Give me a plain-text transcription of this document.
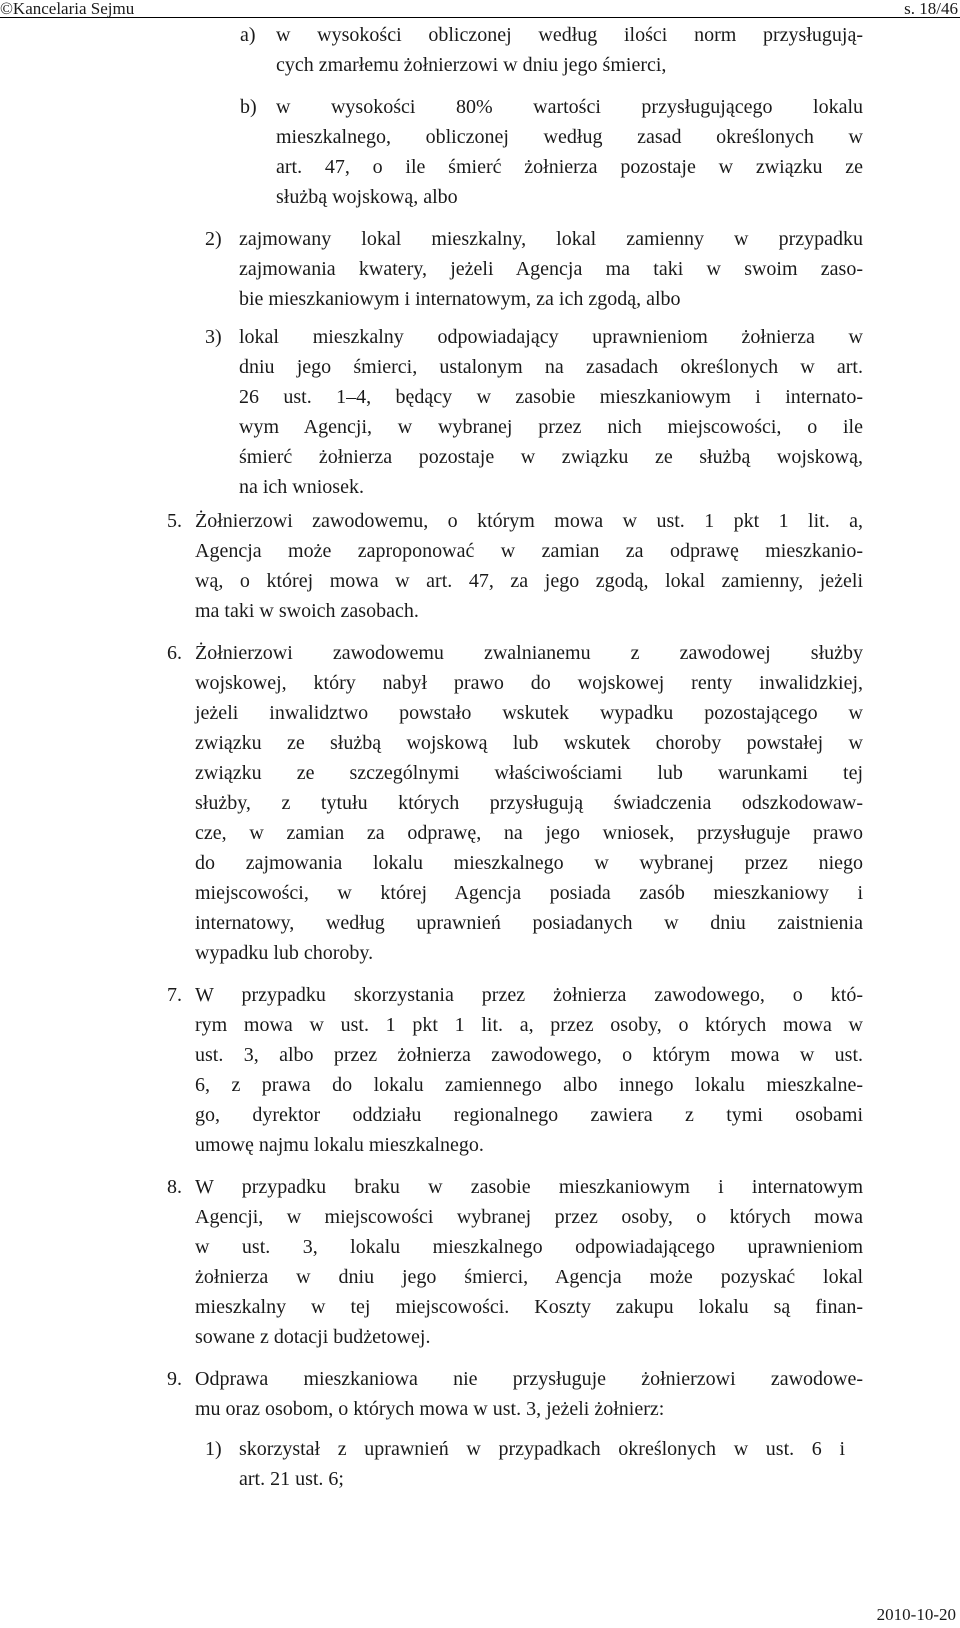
©Kancelaria Sejmu	s. 18/46
a) w wysokości obliczonej według ilości norm przysługują-
cych zmarłemu żołnierzowi w dniu jego śmierci,
b) w wysokości 80% wartości przysługującego lokalu
mieszkalnego, obliczonej według zasad określonych w
art. 47, o ile śmierć żołnierza pozostaje w związku ze
służbą wojskową, albo
2) zajmowany lokal mieszkalny, lokal zamienny w przypadku
zajmowania kwatery, jeżeli Agencja ma taki w swoim zaso-
bie mieszkaniowym i internatowym, za ich zgodą, albo
3) lokal mieszkalny odpowiadający uprawnieniom żołnierza w
dniu jego śmierci, ustalonym na zasadach określonych w art.
26 ust. 1–4, będący w zasobie mieszkaniowym i internato-
wym Agencji, w wybranej przez nich miejscowości, o ile
śmierć żołnierza pozostaje w związku ze służbą wojskową,
na ich wniosek.
5. Żołnierzowi zawodowemu, o którym mowa w ust. 1 pkt 1 lit. a,
Agencja może zaproponować w zamian za odprawę mieszkanio-
wą, o której mowa w art. 47, za jego zgodą, lokal zamienny, jeżeli
ma taki w swoich zasobach.
6. Żołnierzowi zawodowemu zwalnianemu z zawodowej służby
wojskowej, który nabył prawo do wojskowej renty inwalidzkiej,
jeżeli inwalidztwo powstało wskutek wypadku pozostającego w
związku ze służbą wojskową lub wskutek choroby powstałej w
związku ze szczególnymi właściwościami lub warunkami tej
służby, z tytułu których przysługują świadczenia odszkodowaw-
cze, w zamian za odprawę, na jego wniosek, przysługuje prawo
do zajmowania lokalu mieszkalnego w wybranej przez niego
miejscowości, w której Agencja posiada zasób mieszkaniowy i
internatowy, według uprawnień posiadanych w dniu zaistnienia
wypadku lub choroby.
7. W przypadku skorzystania przez żołnierza zawodowego, o któ-
rym mowa w ust. 1 pkt 1 lit. a, przez osoby, o których mowa w
ust. 3, albo przez żołnierza zawodowego, o którym mowa w ust.
6, z prawa do lokalu zamiennego albo innego lokalu mieszkalne-
go, dyrektor oddziału regionalnego zawiera z tymi osobami
umowę najmu lokalu mieszkalnego.
8. W przypadku braku w zasobie mieszkaniowym i internatowym
Agencji, w miejscowości wybranej przez osoby, o których mowa
w ust. 3, lokalu mieszkalnego odpowiadającego uprawnieniom
żołnierza w dniu jego śmierci, Agencja może pozyskać lokal
mieszkalny w tej miejscowości. Koszty zakupu lokalu są finan-
sowane z dotacji budżetowej.
9. Odprawa mieszkaniowa nie przysługuje żołnierzowi zawodowe-
mu oraz osobom, o których mowa w ust. 3, jeżeli żołnierz:
1) skorzystał z uprawnień w przypadkach określonych w ust. 6 i
art. 21 ust. 6;
2010-10-20
